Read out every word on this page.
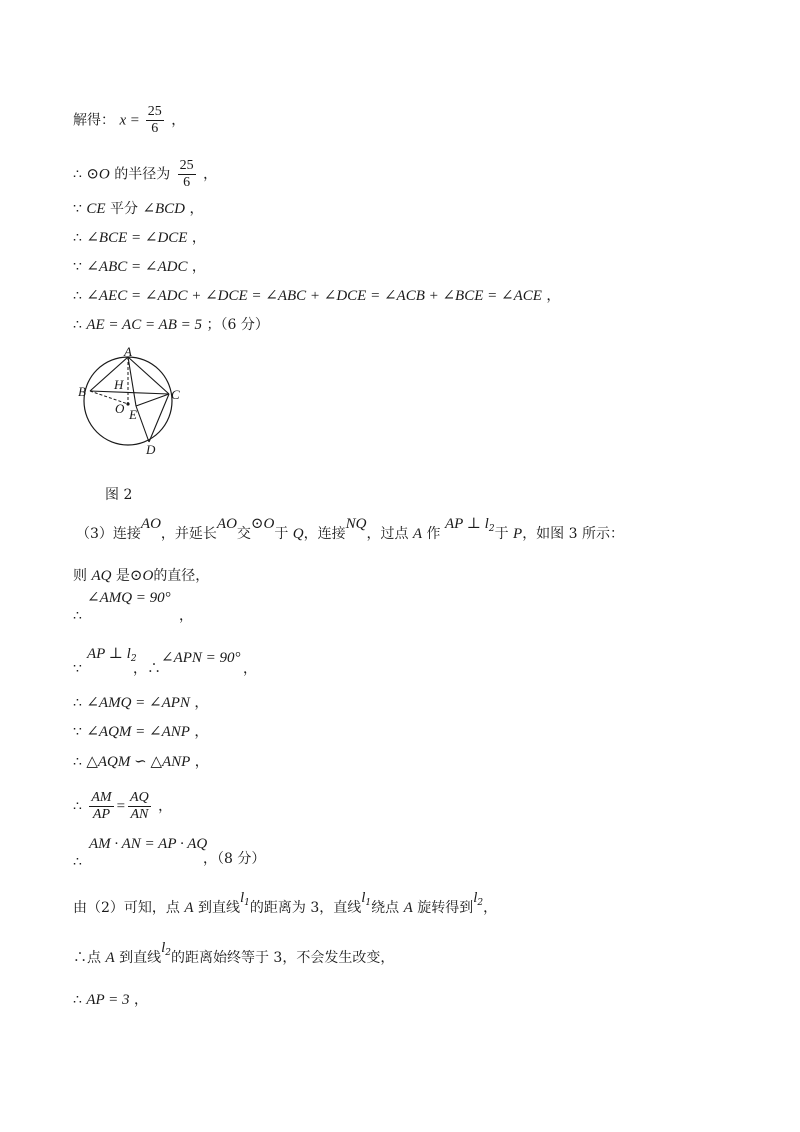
解得： $x = \frac{25}{6}$ ，
∴ ⊙O 的半径为 $\frac{25}{6}$ ，
∵ CE 平分 ∠BCD ，
∴ ∠BCE = ∠DCE ，
∵ ∠ABC = ∠ADC ，
∴ ∠AEC = ∠ADC + ∠DCE = ∠ABC + ∠DCE = ∠ACB + ∠BCE = ∠ACE ，
∴ AE = AC = AB = 5 ；（6 分）
A
B	C
D
E
H
O
图 2
（3）连接AO，并延长AO交⊙O于 Q，连接NQ，过点 A 作 AP ⊥ $l_2$于 P，如图 3 所示：
则 AQ 是⊙O的直径，
∠AMQ = 90°
∴	，
∵
AP ⊥ $l_2$
，∴
∠APN = 90°
，
∴ ∠AMQ = ∠APN ，
∵ ∠AQM = ∠ANP ，
∴ △AQM ∽ △ANP ，
∴ $\frac{AM}{AP} = \frac{AQ}{AN}$ ，
∴
AM · AN = AP · AQ
，（8 分）
由（2）可知，点 A 到直线$l_1$的距离为 3，直线$l_1$绕点 A 旋转得到$l_2$，
∴点 A 到直线$l_2$的距离始终等于 3，不会发生改变，
∴ AP = 3 ，
